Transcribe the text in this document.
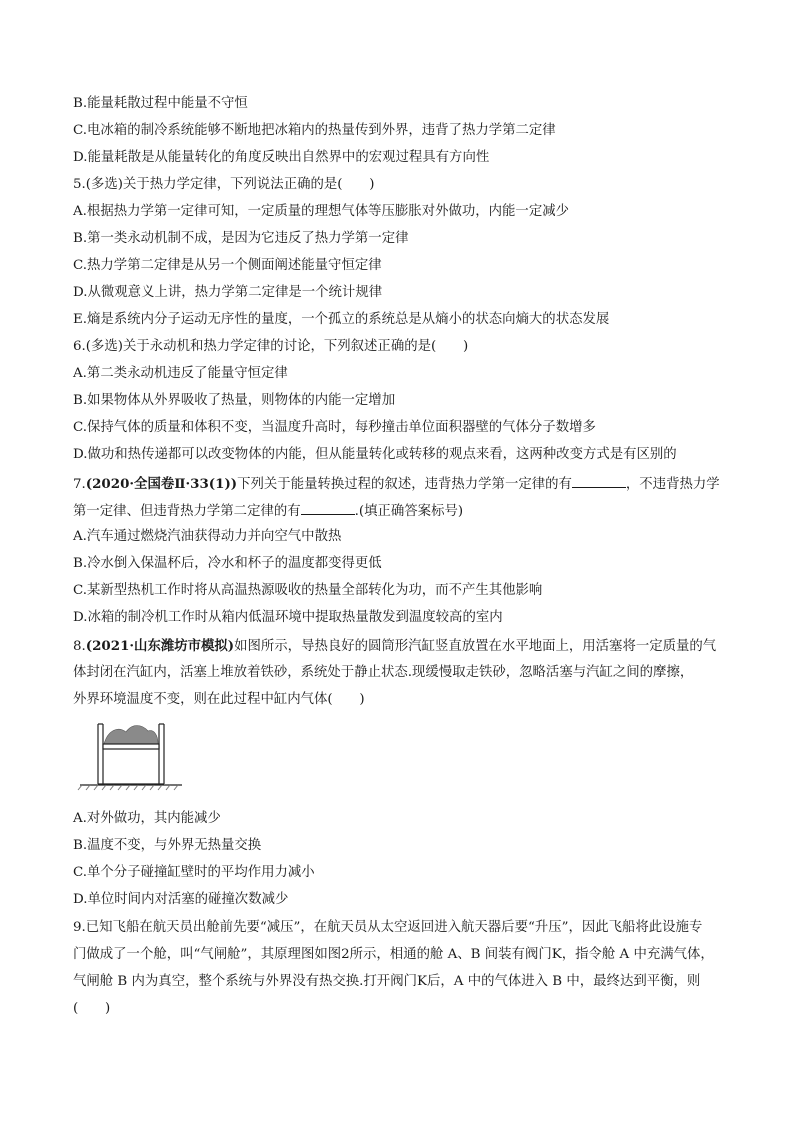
B.能量耗散过程中能量不守恒
C.电冰箱的制冷系统能够不断地把冰箱内的热量传到外界，违背了热力学第二定律
D.能量耗散是从能量转化的角度反映出自然界中的宏观过程具有方向性
5.(多选)关于热力学定律，下列说法正确的是(　　)
A.根据热力学第一定律可知，一定质量的理想气体等压膨胀对外做功，内能一定减少
B.第一类永动机制不成，是因为它违反了热力学第一定律
C.热力学第二定律是从另一个侧面阐述能量守恒定律
D.从微观意义上讲，热力学第二定律是一个统计规律
E.熵是系统内分子运动无序性的量度，一个孤立的系统总是从熵小的状态向熵大的状态发展
6.(多选)关于永动机和热力学定律的讨论，下列叙述正确的是(　　)
A.第二类永动机违反了能量守恒定律
B.如果物体从外界吸收了热量，则物体的内能一定增加
C.保持气体的质量和体积不变，当温度升高时，每秒撞击单位面积器壁的气体分子数增多
D.做功和热传递都可以改变物体的内能，但从能量转化或转移的观点来看，这两种改变方式是有区别的
7.(2020·全国卷Ⅱ·33(1))下列关于能量转换过程的叙述，违背热力学第一定律的有	，不违背热力学
第一定律、但违背热力学第二定律的有	.(填正确答案标号)
A.汽车通过燃烧汽油获得动力并向空气中散热
B.冷水倒入保温杯后，冷水和杯子的温度都变得更低
C.某新型热机工作时将从高温热源吸收的热量全部转化为功，而不产生其他影响
D.冰箱的制冷机工作时从箱内低温环境中提取热量散发到温度较高的室内
8.(2021·山东潍坊市模拟)如图所示，导热良好的圆筒形汽缸竖直放置在水平地面上，用活塞将一定质量的气
体封闭在汽缸内，活塞上堆放着铁砂，系统处于静止状态.现缓慢取走铁砂，忽略活塞与汽缸之间的摩擦，
外界环境温度不变，则在此过程中缸内气体(　　)
A.对外做功，其内能减少
B.温度不变，与外界无热量交换
C.单个分子碰撞缸壁时的平均作用力减小
D.单位时间内对活塞的碰撞次数减少
9.已知飞船在航天员出舱前先要“减压”，在航天员从太空返回进入航天器后要“升压”，因此飞船将此设施专
门做成了一个舱，叫“气闸舱”，其原理图如图2所示，相通的舱 A、B 间装有阀门K，指令舱 A 中充满气体，
气闸舱 B 内为真空，整个系统与外界没有热交换.打开阀门K后，A 中的气体进入 B 中，最终达到平衡，则
(　　)
